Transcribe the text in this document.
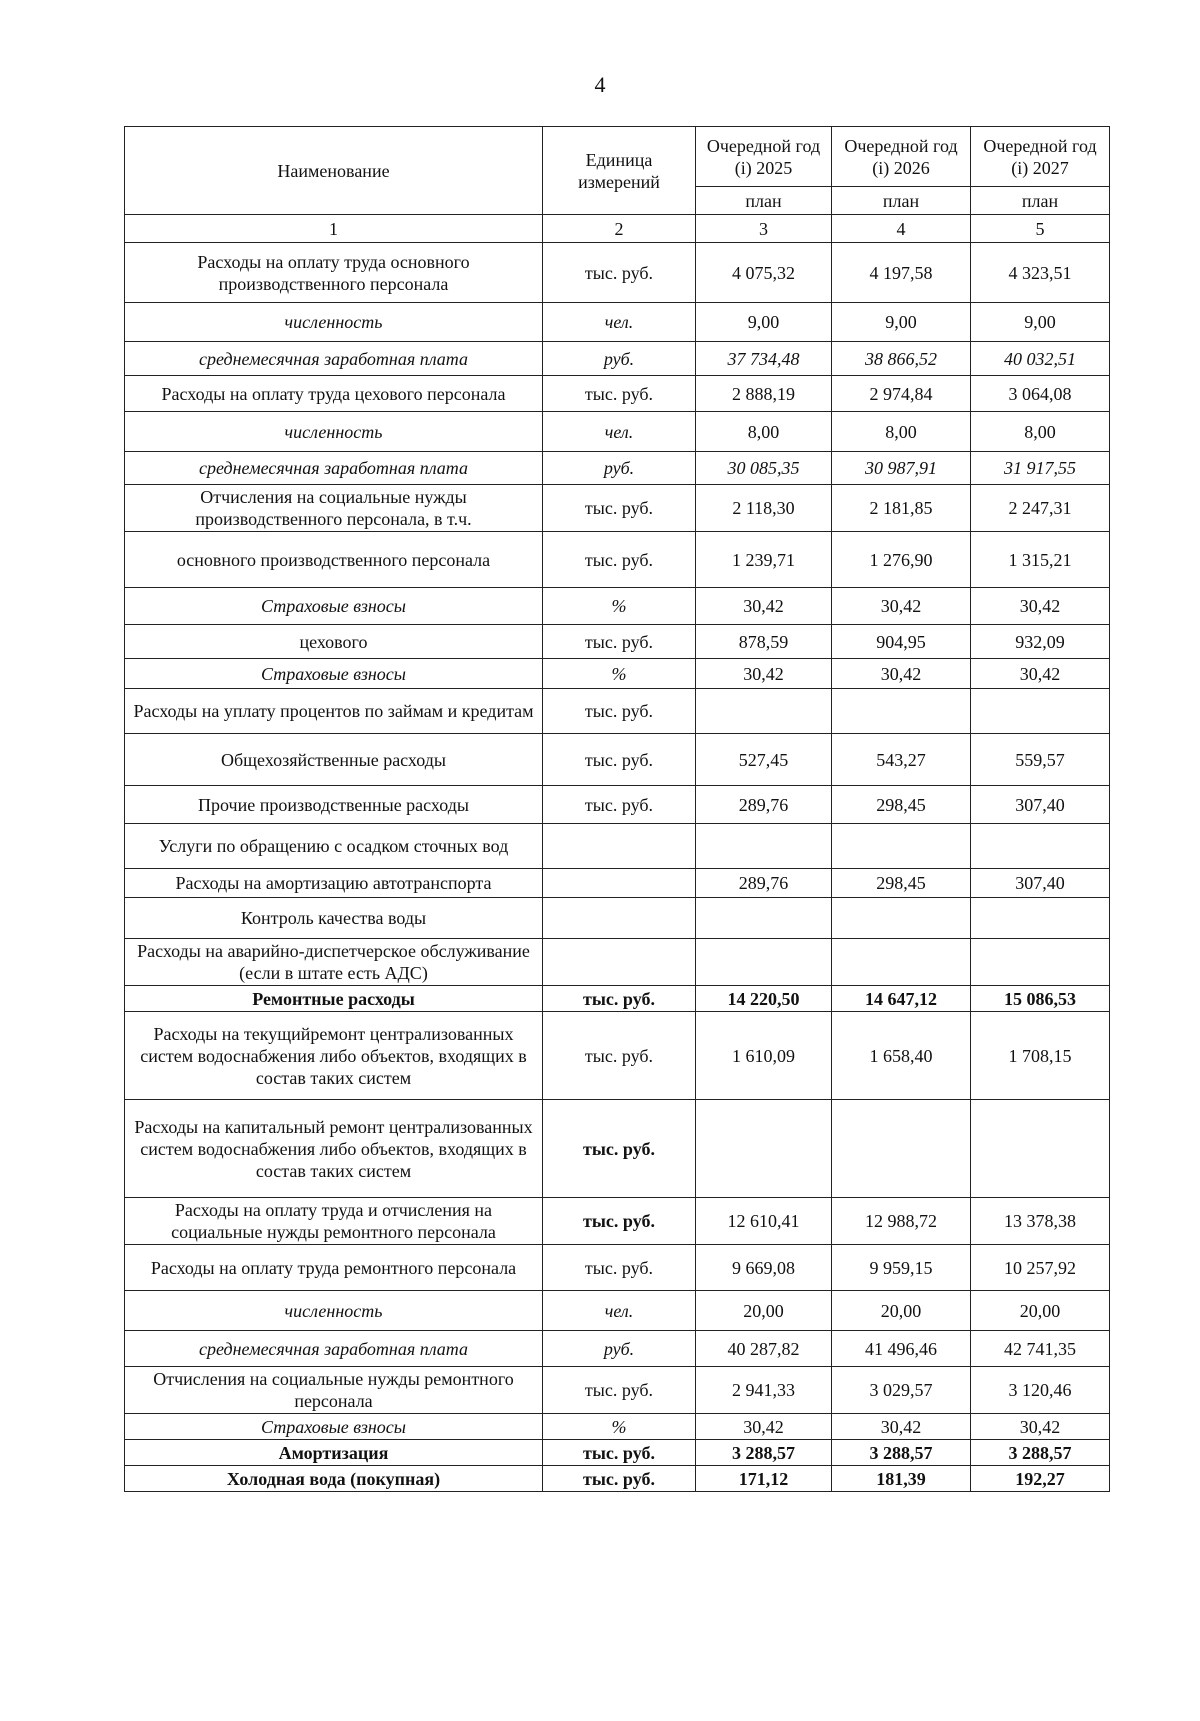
4
Наименование	Единица измерений	Очередной год (i) 2025	Очередной год (i) 2026	Очередной год (i) 2027
		план	план	план
1	2	3	4	5
Расходы на оплату труда основного производственного персонала	тыс. руб.	4 075,32	4 197,58	4 323,51
численность	чел.	9,00	9,00	9,00
среднемесячная заработная плата	руб.	37 734,48	38 866,52	40 032,51
Расходы на оплату труда цехового персонала	тыс. руб.	2 888,19	2 974,84	3 064,08
численность	чел.	8,00	8,00	8,00
среднемесячная заработная плата	руб.	30 085,35	30 987,91	31 917,55
Отчисления на социальные нужды производственного персонала, в т.ч.	тыс. руб.	2 118,30	2 181,85	2 247,31
основного производственного персонала	тыс. руб.	1 239,71	1 276,90	1 315,21
Страховые взносы	%	30,42	30,42	30,42
цехового	тыс. руб.	878,59	904,95	932,09
Страховые взносы	%	30,42	30,42	30,42
Расходы на уплату процентов по займам и кредитам	тыс. руб.			
Общехозяйственные расходы	тыс. руб.	527,45	543,27	559,57
Прочие производственные расходы	тыс. руб.	289,76	298,45	307,40
Услуги по обращению с осадком сточных вод				
Расходы на амортизацию автотранспорта		289,76	298,45	307,40
Контроль качества воды				
Расходы на аварийно-диспетчерское обслуживание (если в штате есть АДС)				
Ремонтные расходы	тыс. руб.	14 220,50	14 647,12	15 086,53
Расходы на текущийремонт централизованных систем водоснабжения либо объектов, входящих в состав таких систем	тыс. руб.	1 610,09	1 658,40	1 708,15
Расходы на капитальный ремонт централизованных систем водоснабжения либо объектов, входящих в состав таких систем	тыс. руб.			
Расходы на оплату труда и отчисления на социальные нужды ремонтного персонала	тыс. руб.	12 610,41	12 988,72	13 378,38
Расходы на оплату труда ремонтного персонала	тыс. руб.	9 669,08	9 959,15	10 257,92
численность	чел.	20,00	20,00	20,00
среднемесячная заработная плата	руб.	40 287,82	41 496,46	42 741,35
Отчисления на социальные нужды ремонтного персонала	тыс. руб.	2 941,33	3 029,57	3 120,46
Страховые взносы	%	30,42	30,42	30,42
Амортизация	тыс. руб.	3 288,57	3 288,57	3 288,57
Холодная вода (покупная)	тыс. руб.	171,12	181,39	192,27
